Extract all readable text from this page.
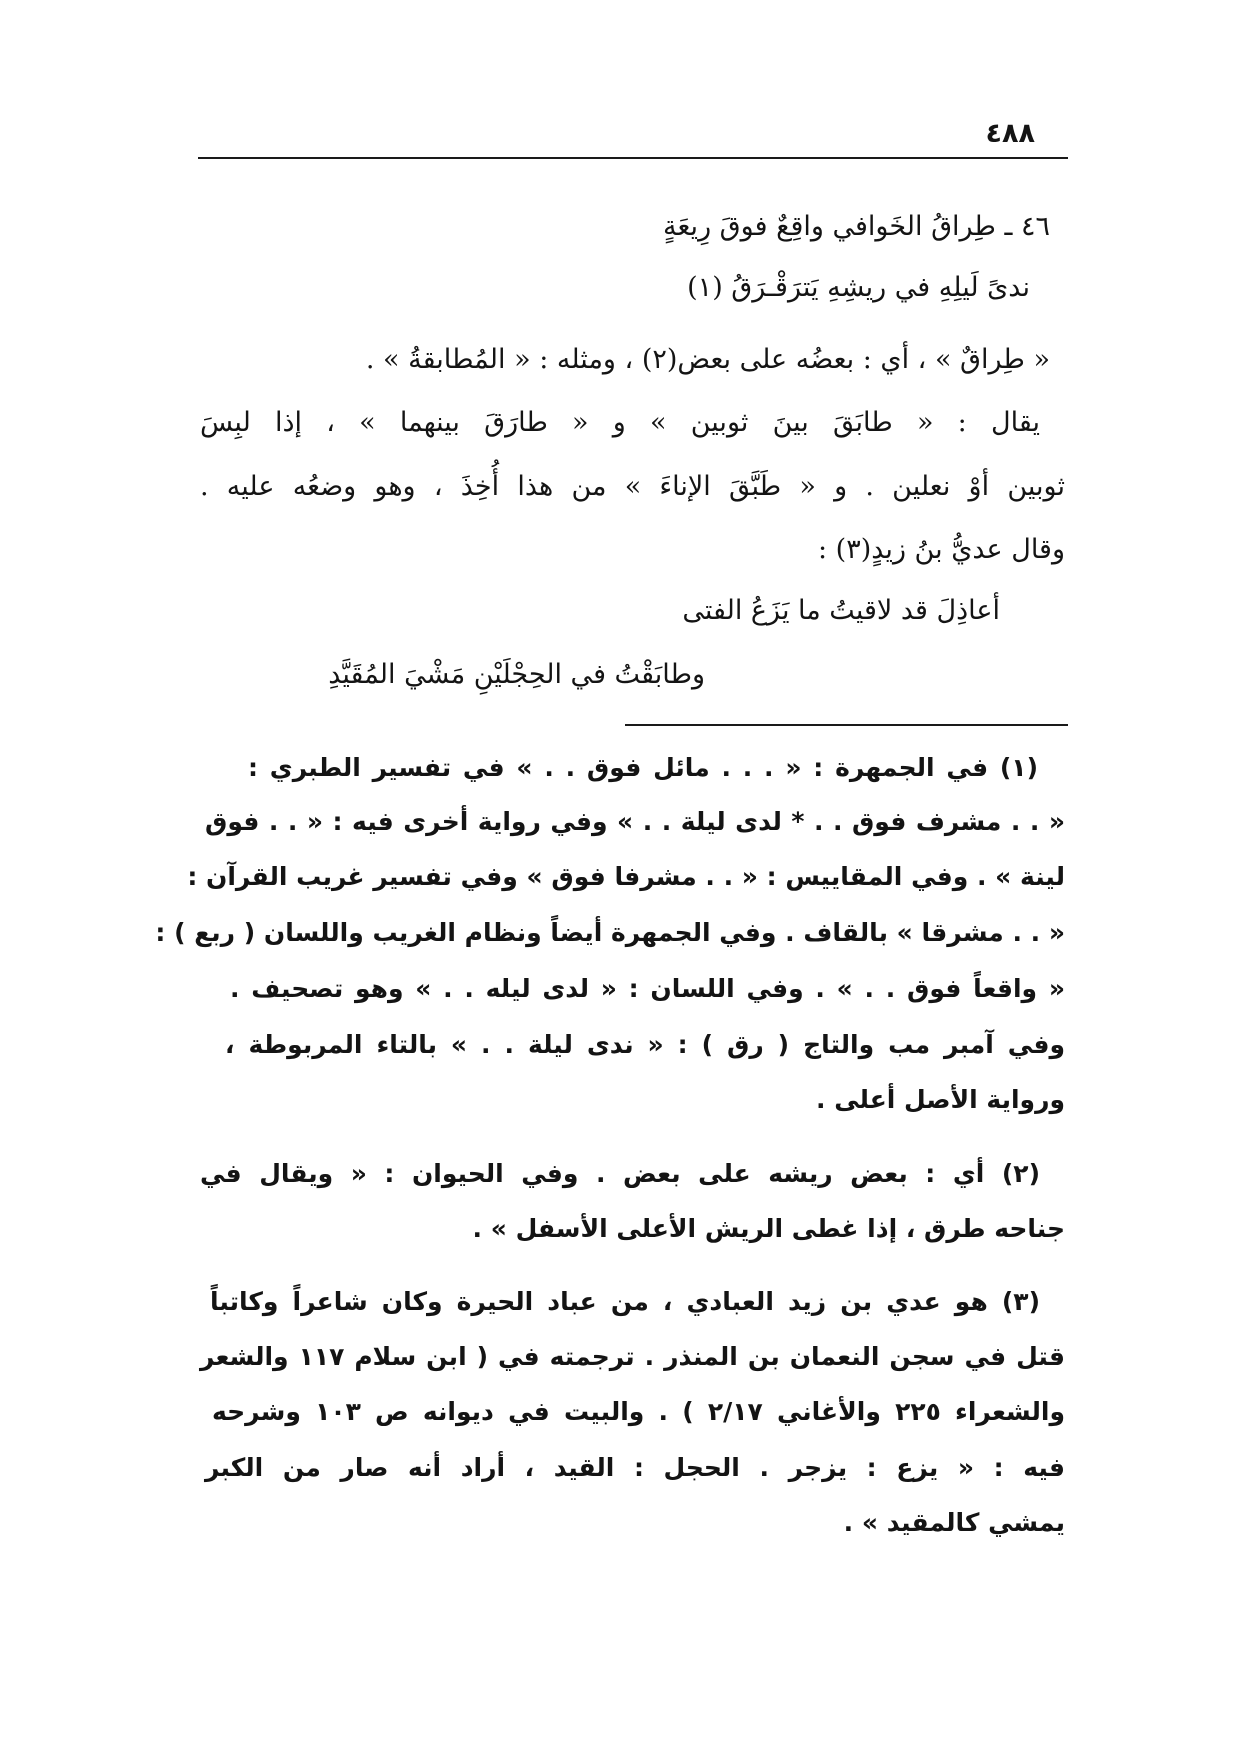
٤٨٨
٤٦ ـ طِراقُ الخَوافي واقِعٌ فوقَ رِيعَةٍ
ندىً لَيلِهِ في ريشِهِ يَترَقْـرَقُ (١)
« طِراقٌ » ، أي : بعضُه على بعض(٢) ، ومثله : « المُطابقةُ » .
يقال : « طابَقَ بينَ ثوبين » و « طارَقَ بينهما » ، إذا لبِسَ
ثوبين أوْ نعلين . و « طَبَّقَ الإناءَ » من هذا أُخِذَ ، وهو وضعُه عليه .
وقال عديُّ بنُ زيدٍ(٣) :
أعاذِلَ قد لاقيتُ ما يَزَعُ الفتى
وطابَقْتُ في الحِجْلَيْنِ مَشْيَ المُقَيَّدِ
(١) في الجمهرة : « . . . مائل فوق . . » في تفسير الطبري :
« . . مشرف فوق . . * لدى ليلة . . » وفي رواية أخرى فيه : « . . فوق
لينة » . وفي المقاييس : « . . مشرفا فوق » وفي تفسير غريب القرآن :
« . . مشرقا » بالقاف . وفي الجمهرة أيضاً ونظام الغريب واللسان ( ربع ) :
« واقعاً فوق . . » . وفي اللسان : « لدى ليله . . » وهو تصحيف .
وفي آمبر مب والتاج ( رق ) : « ندى ليلة . . » بالتاء المربوطة ،
ورواية الأصل أعلى .
(٢) أي : بعض ريشه على بعض . وفي الحيوان : « ويقال في
جناحه طرق ، إذا غطى الريش الأعلى الأسفل » .
(٣) هو عدي بن زيد العبادي ، من عباد الحيرة وكان شاعراً وكاتباً
قتل في سجن النعمان بن المنذر . ترجمته في ( ابن سلام ١١٧ والشعر
والشعراء ٢٢٥ والأغاني ٢/١٧ ) . والبيت في ديوانه ص ١٠٣ وشرحه
فيه : « يزع : يزجر . الحجل : القيد ، أراد أنه صار من الكبر
يمشي كالمقيد » .
